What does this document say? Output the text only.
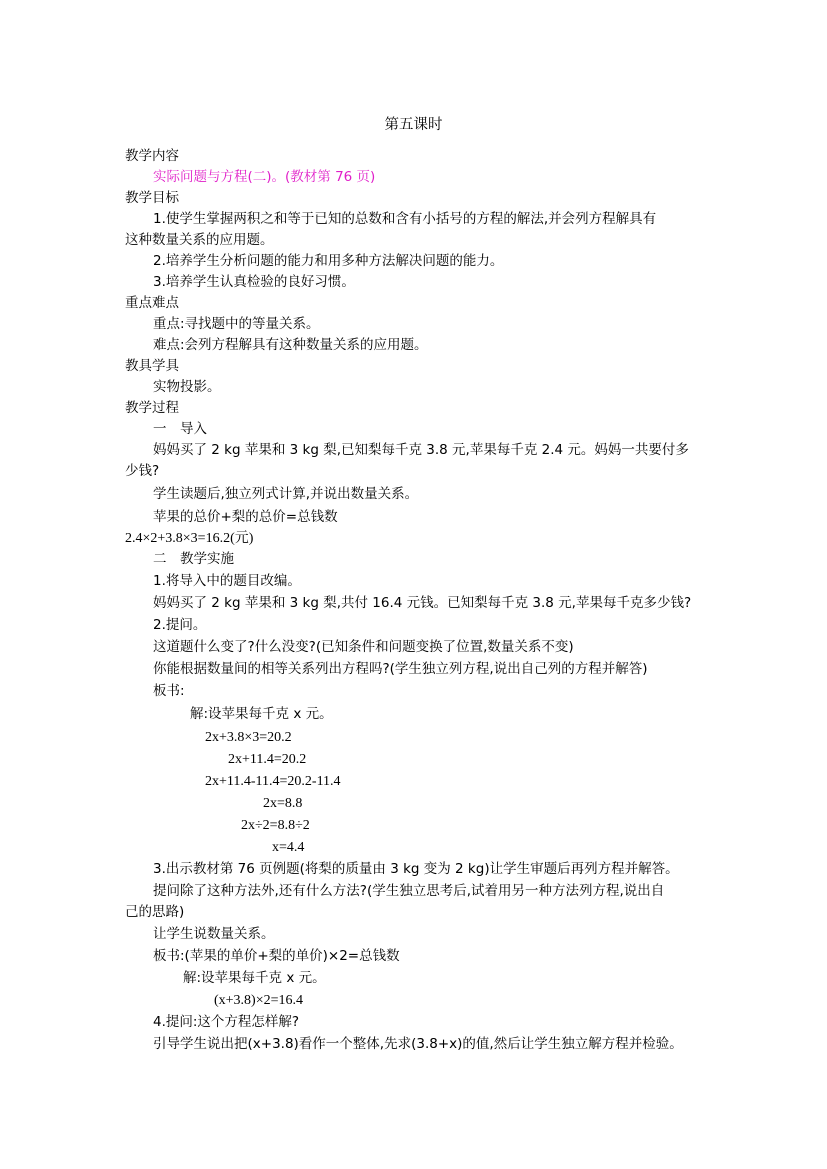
第五课时
教学内容
实际问题与方程(二)。(教材第 76 页)
教学目标
1.使学生掌握两积之和等于已知的总数和含有小括号的方程的解法,并会列方程解具有
这种数量关系的应用题。
2.培养学生分析问题的能力和用多种方法解决问题的能力。
3.培养学生认真检验的良好习惯。
重点难点
重点:寻找题中的等量关系。
难点:会列方程解具有这种数量关系的应用题。
教具学具
实物投影。
教学过程
一　导入
妈妈买了 2 kg 苹果和 3 kg 梨,已知梨每千克 3.8 元,苹果每千克 2.4 元。妈妈一共要付多
少钱?
学生读题后,独立列式计算,并说出数量关系。
苹果的总价+梨的总价=总钱数
2.4×2+3.8×3=16.2(元)
二　教学实施
1.将导入中的题目改编。
妈妈买了 2 kg 苹果和 3 kg 梨,共付 16.4 元钱。已知梨每千克 3.8 元,苹果每千克多少钱?
2.提问。
这道题什么变了?什么没变?(已知条件和问题变换了位置,数量关系不变)
你能根据数量间的相等关系列出方程吗?(学生独立列方程,说出自己列的方程并解答)
板书:
解:设苹果每千克 x 元。
2x+3.8×3=20.2
2x+11.4=20.2
2x+11.4-11.4=20.2-11.4
2x=8.8
2x÷2=8.8÷2
x=4.4
3.出示教材第 76 页例题(将梨的质量由 3 kg 变为 2 kg)让学生审题后再列方程并解答。
提问除了这种方法外,还有什么方法?(学生独立思考后,试着用另一种方法列方程,说出自
己的思路)
让学生说数量关系。
板书:(苹果的单价+梨的单价)×2=总钱数
解:设苹果每千克 x 元。
(x+3.8)×2=16.4
4.提问:这个方程怎样解?
引导学生说出把(x+3.8)看作一个整体,先求(3.8+x)的值,然后让学生独立解方程并检验。
